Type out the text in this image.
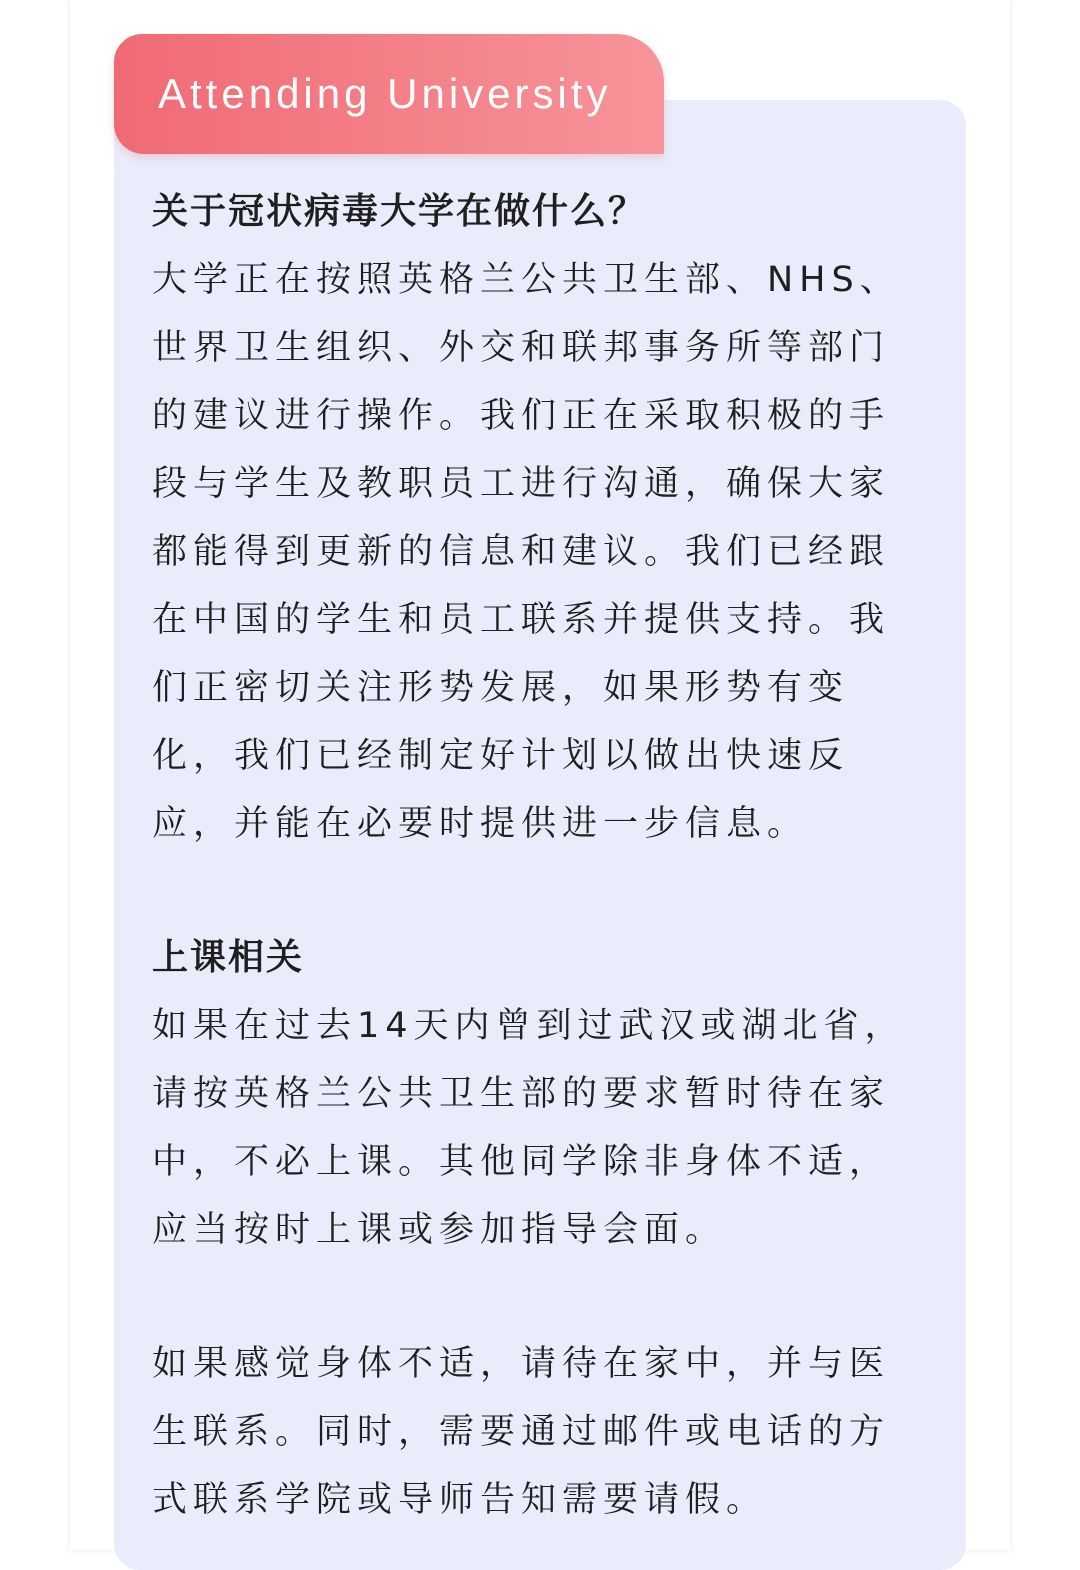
Attending University
关于冠状病毒大学在做什么？
大学正在按照英格兰公共卫生部、NHS、
世界卫生组织、外交和联邦事务所等部门
的建议进行操作。我们正在采取积极的手
段与学生及教职员工进行沟通，确保大家
都能得到更新的信息和建议。我们已经跟
在中国的学生和员工联系并提供支持。我
们正密切关注形势发展，如果形势有变
化，我们已经制定好计划以做出快速反
应，并能在必要时提供进一步信息。
上课相关
如果在过去14天内曾到过武汉或湖北省，
请按英格兰公共卫生部的要求暂时待在家
中，不必上课。其他同学除非身体不适，
应当按时上课或参加指导会面。
如果感觉身体不适，请待在家中，并与医
生联系。同时，需要通过邮件或电话的方
式联系学院或导师告知需要请假。
